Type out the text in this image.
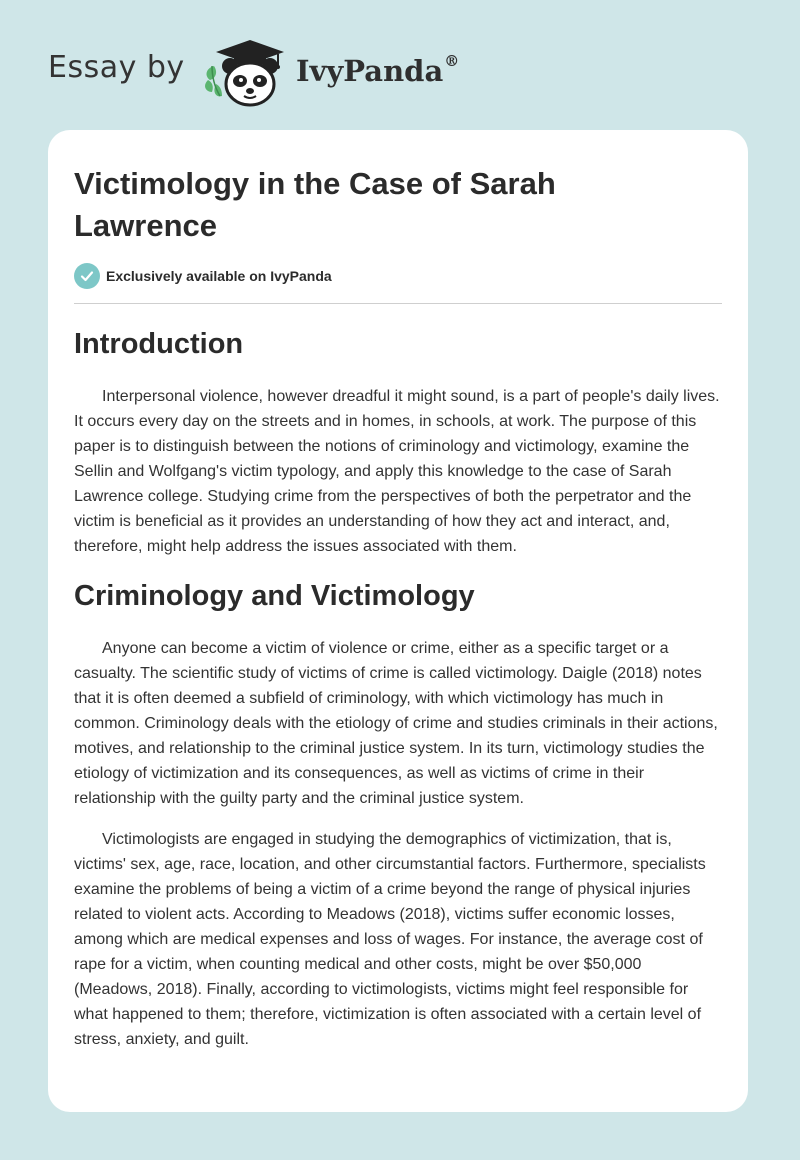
Essay by	IvyPanda®
Victimology in the Case of Sarah Lawrence
Exclusively available on IvyPanda
Introduction

Interpersonal violence, however dreadful it might sound, is a part of people's daily lives. It occurs every day on the streets and in homes, in schools, at work. The purpose of this paper is to distinguish between the notions of criminology and victimology, examine the Sellin and Wolfgang's victim typology, and apply this knowledge to the case of Sarah Lawrence college. Studying crime from the perspectives of both the perpetrator and the victim is beneficial as it provides an understanding of how they act and interact, and, therefore, might help address the issues associated with them.

Criminology and Victimology

Anyone can become a victim of violence or crime, either as a specific target or a casualty. The scientific study of victims of crime is called victimology. Daigle (2018) notes that it is often deemed a subfield of criminology, with which victimology has much in common. Criminology deals with the etiology of crime and studies criminals in their actions, motives, and relationship to the criminal justice system. In its turn, victimology studies the etiology of victimization and its consequences, as well as victims of crime in their relationship with the guilty party and the criminal justice system.

Victimologists are engaged in studying the demographics of victimization, that is, victims' sex, age, race, location, and other circumstantial factors. Furthermore, specialists examine the problems of being a victim of a crime beyond the range of physical injuries related to violent acts. According to Meadows (2018), victims suffer economic losses, among which are medical expenses and loss of wages. For instance, the average cost of rape for a victim, when counting medical and other costs, might be over $50,000 (Meadows, 2018). Finally, according to victimologists, victims might feel responsible for what happened to them; therefore, victimization is often associated with a certain level of stress, anxiety, and guilt.
